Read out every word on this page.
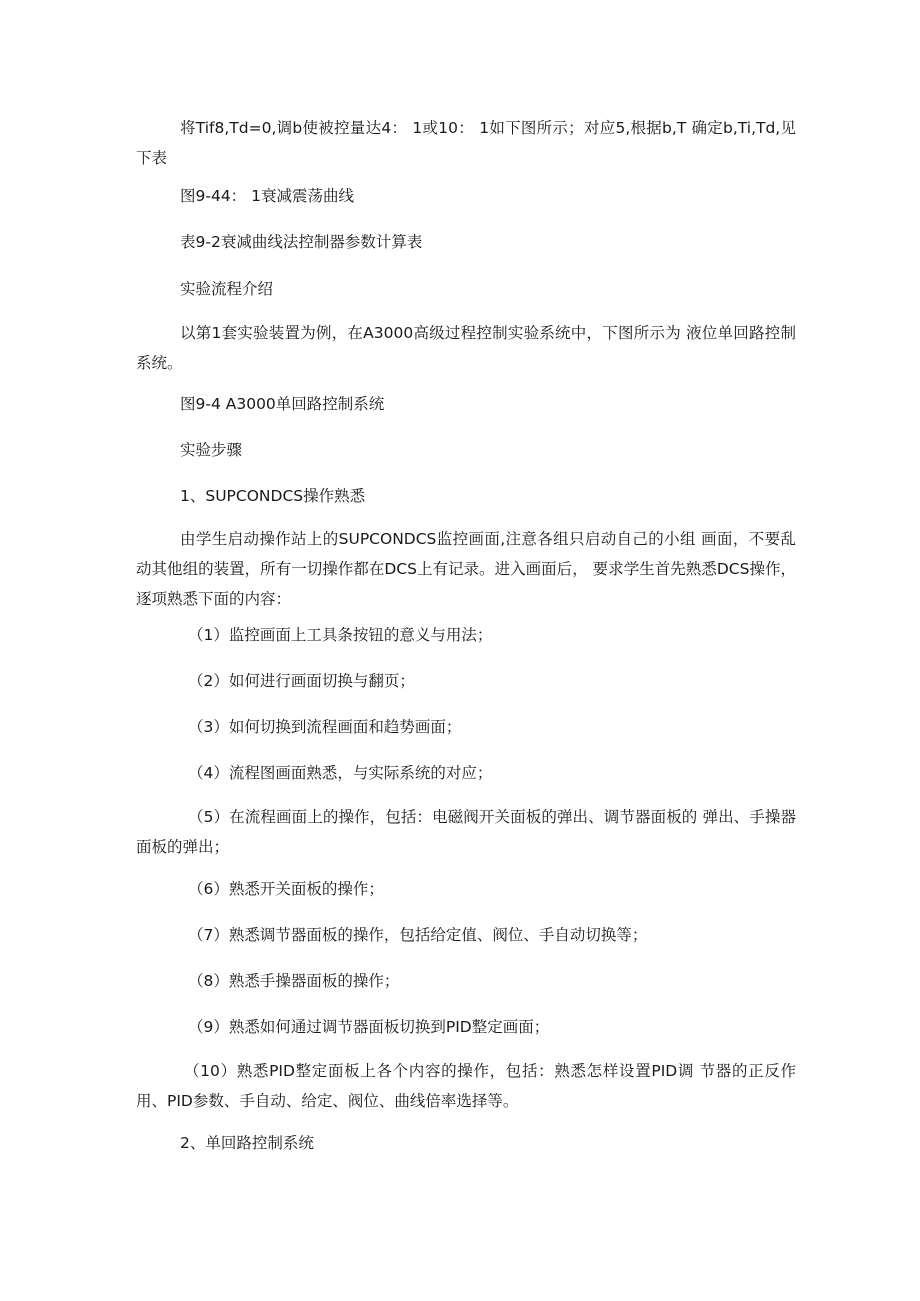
将Tif8,Td=0,调b使被控量达4： 1或10： 1如下图所示；对应5,根据b,T 确定b,Ti,Td,见下表

图9-44： 1衰减震荡曲线

表9-2衰减曲线法控制器参数计算表

实验流程介绍

以第1套实验装置为例，在A3000高级过程控制实验系统中，下图所示为 液位单回路控制系统。

图9-4 A3000单回路控制系统

实验步骤

1、SUPCONDCS操作熟悉

由学生启动操作站上的SUPCONDCS监控画面,注意各组只启动自己的小组 画面，不要乱动其他组的装置，所有一切操作都在DCS上有记录。进入画面后， 要求学生首先熟悉DCS操作，逐项熟悉下面的内容：

（1）监控画面上工具条按钮的意义与用法；

（2）如何进行画面切换与翻页；

（3）如何切换到流程画面和趋势画面；

（4）流程图画面熟悉，与实际系统的对应；

（5）在流程画面上的操作，包括：电磁阀开关面板的弹出、调节器面板的 弹出、手操器面板的弹出；

（6）熟悉开关面板的操作；

（7）熟悉调节器面板的操作，包括给定值、阀位、手自动切换等；

（8）熟悉手操器面板的操作；

（9）熟悉如何通过调节器面板切换到PID整定画面；

（10）熟悉PID整定面板上各个内容的操作，包括：熟悉怎样设置PID调 节器的正反作用、PID参数、手自动、给定、阀位、曲线倍率选择等。

2、单回路控制系统
